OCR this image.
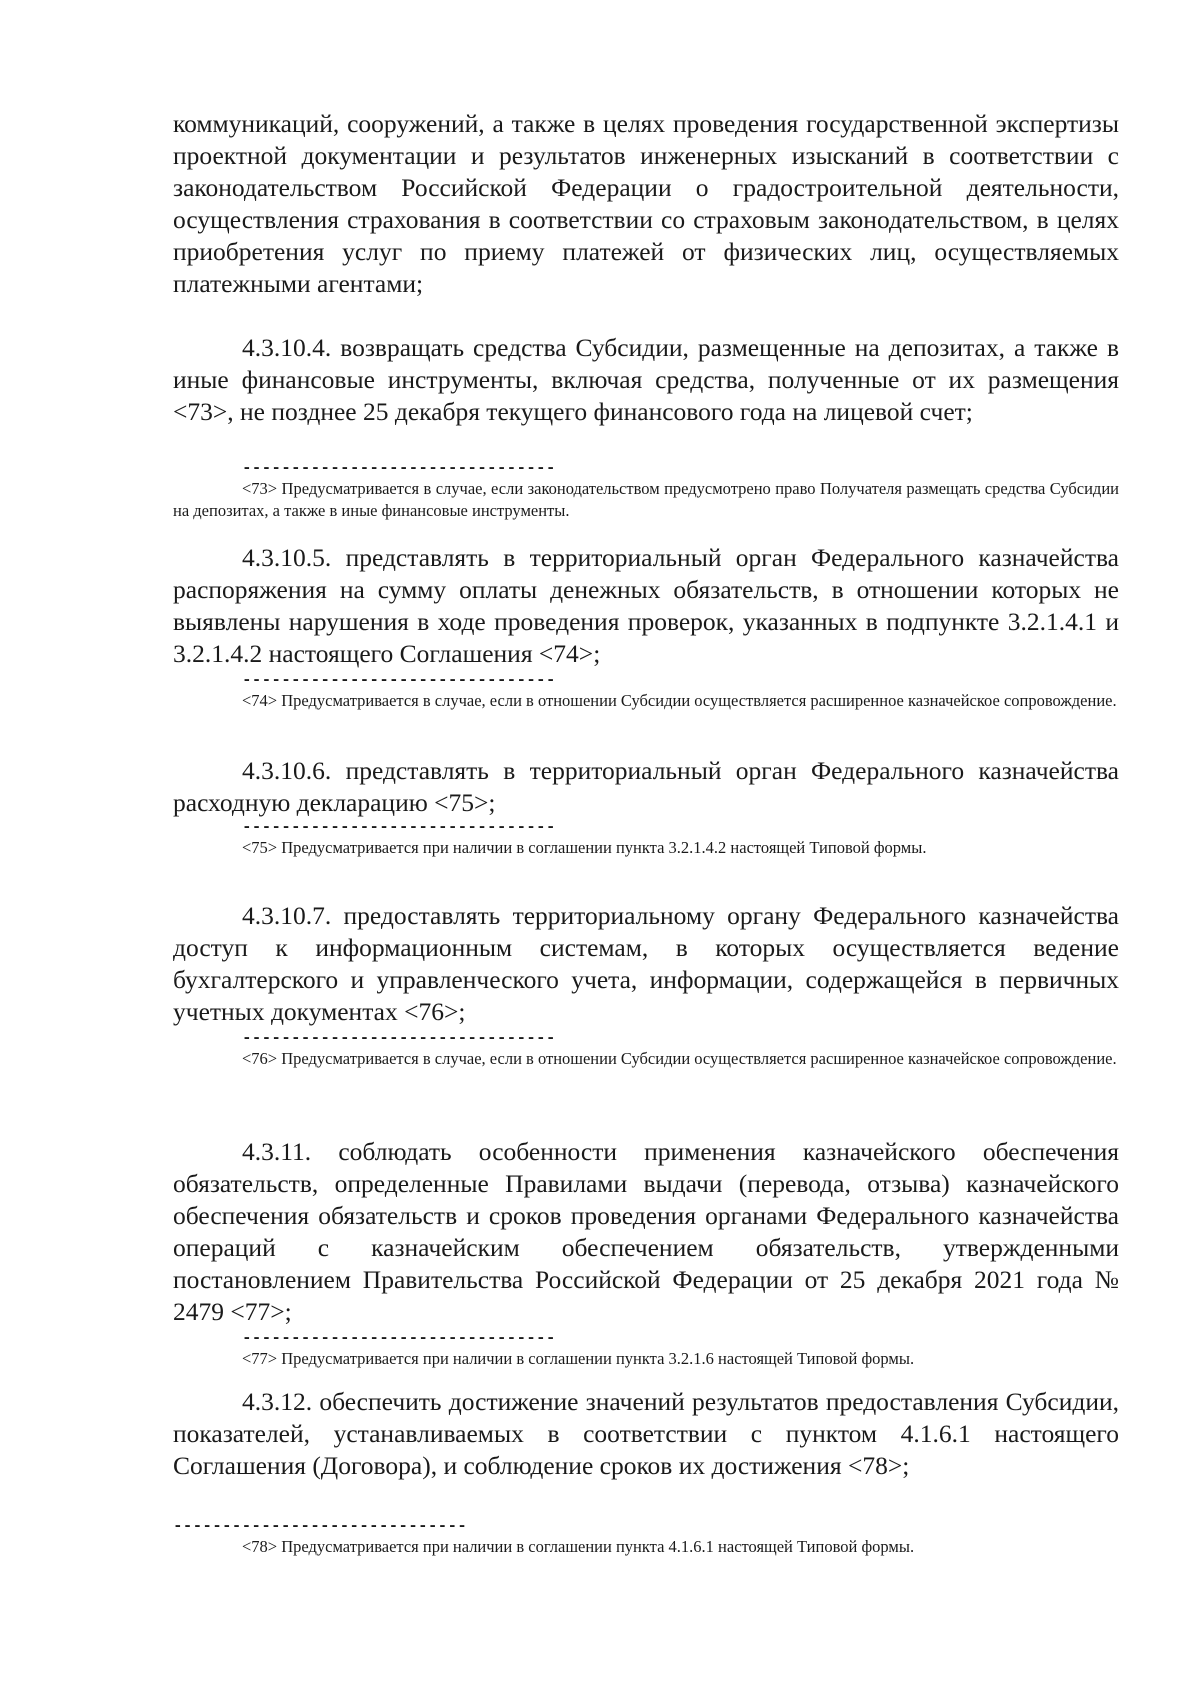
коммуникаций, сооружений, а также в целях проведения государственной экспертизы проектной документации и результатов инженерных изысканий в соответствии с законодательством Российской Федерации о градостроительной деятельности, осуществления страхования в соответствии со страховым законодательством, в целях приобретения услуг по приему платежей от физических лиц, осуществляемых платежными агентами;

4.3.10.4. возвращать средства Субсидии, размещенные на депозитах, а также в иные финансовые инструменты, включая средства, полученные от их размещения <73>, не позднее 25 декабря текущего финансового года на лицевой счет;

--------------------------------

<73> Предусматривается в случае, если законодательством предусмотрено право Получателя размещать средства Субсидии на депозитах, а также в иные финансовые инструменты.

4.3.10.5. представлять в территориальный орган Федерального казначейства распоряжения на сумму оплаты денежных обязательств, в отношении которых не выявлены нарушения в ходе проведения проверок, указанных в подпункте 3.2.1.4.1 и 3.2.1.4.2 настоящего Соглашения <74>;

--------------------------------

<74> Предусматривается в случае, если в отношении Субсидии осуществляется расширенное казначейское сопровождение.

4.3.10.6. представлять в территориальный орган Федерального казначейства расходную декларацию <75>;

--------------------------------

<75> Предусматривается при наличии в соглашении пункта 3.2.1.4.2 настоящей Типовой формы.

4.3.10.7. предоставлять территориальному органу Федерального казначейства доступ к информационным системам, в которых осуществляется ведение бухгалтерского и управленческого учета, информации, содержащейся в первичных учетных документах <76>;

--------------------------------

<76> Предусматривается в случае, если в отношении Субсидии осуществляется расширенное казначейское сопровождение.

4.3.11. соблюдать особенности применения казначейского обеспечения обязательств, определенные Правилами выдачи (перевода, отзыва) казначейского обеспечения обязательств и сроков проведения органами Федерального казначейства операций с казначейским обеспечением обязательств, утвержденными постановлением Правительства Российской Федерации от 25 декабря 2021 года № 2479 <77>;

--------------------------------

<77> Предусматривается при наличии в соглашении пункта 3.2.1.6 настоящей Типовой формы.

4.3.12. обеспечить достижение значений результатов предоставления Субсидии, показателей, устанавливаемых в соответствии с пунктом 4.1.6.1 настоящего Соглашения (Договора), и соблюдение сроков их достижения <78>;

------------------------------

<78> Предусматривается при наличии в соглашении пункта 4.1.6.1 настоящей Типовой формы.
